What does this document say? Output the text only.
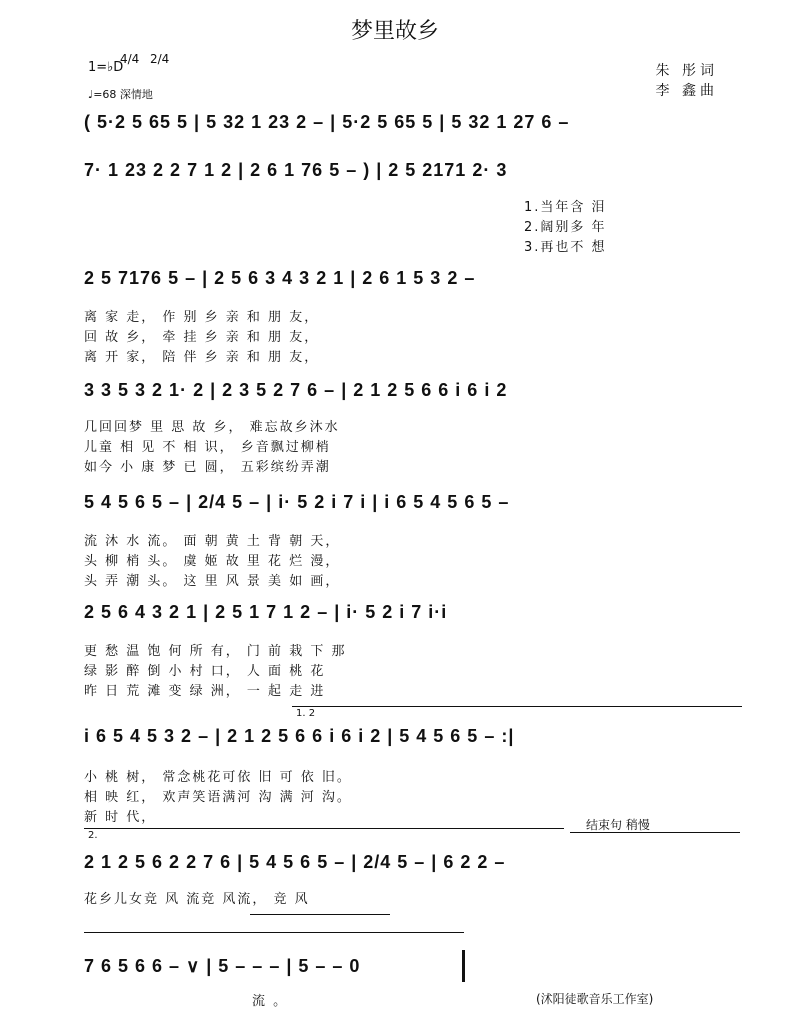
梦里故乡
朱 彤词
李 鑫曲
1=♭D
4/4 2/4
♩=68 深情地
( 5·2 5 65 5 | 5 32 1 23 2 – | 5·2 5 65 5 | 5 32 1 27 6 –
7· 1 23 2 2 7 1 2 | 2 6 1 76 5 – ) | 2 5 2171 2· 3
1.当年含 泪
2.阔别多 年
3.再也不 想
2 5 7176 5 – | 2 5 6 3 4 3 2 1 | 2 6 1 5 3 2 –
离 家 走， 作 别 乡 亲 和 朋 友，
回 故 乡， 牵 挂 乡 亲 和 朋 友，
离 开 家， 陪 伴 乡 亲 和 朋 友，
3 3 5 3 2 1· 2 | 2 3 5 2 7 6 – | 2 1 2 5 6 6 i 6 i 2
几回回梦 里 思 故 乡， 难忘故乡沐水
儿童 相 见 不 相 识， 乡音飘过柳梢
如今 小 康 梦 已 圆， 五彩缤纷弄潮
5 4 5 6 5 – | 2/4 5 – | i· 5 2 i 7 i | i 6 5 4 5 6 5 –
流 沐 水 流。 面 朝 黄 土 背 朝 天，
头 柳 梢 头。 虞 姬 故 里 花 烂 漫，
头 弄 潮 头。 这 里 风 景 美 如 画，
2 5 6 4 3 2 1 | 2 5 1 7 1 2 – | i· 5 2 i 7 i·i
更 愁 温 饱 何 所 有， 门 前 栽 下 那
绿 影 醉 倒 小 村 口， 人 面 桃 花
昨 日 荒 滩 变 绿 洲， 一 起 走 进
1. 2
i 6 5 4 5 3 2 – | 2 1 2 5 6 6 i 6 i 2 | 5 4 5 6 5 – :|
小 桃 树， 常念桃花可依 旧 可 依 旧。
相 映 红， 欢声笑语满河 沟 满 河 沟。
新 时 代，
2.
结束句 稍慢
2 1 2 5 6 2 2 7 6 | 5 4 5 6 5 – | 2/4 5 – | 6 2 2 –
花乡儿女竞 风 流竞 风流， 竞 风
7 6 5 6 6 – ∨ | 5 – – – | 5 – – 0
流 。	(沭阳徒歌音乐工作室)
